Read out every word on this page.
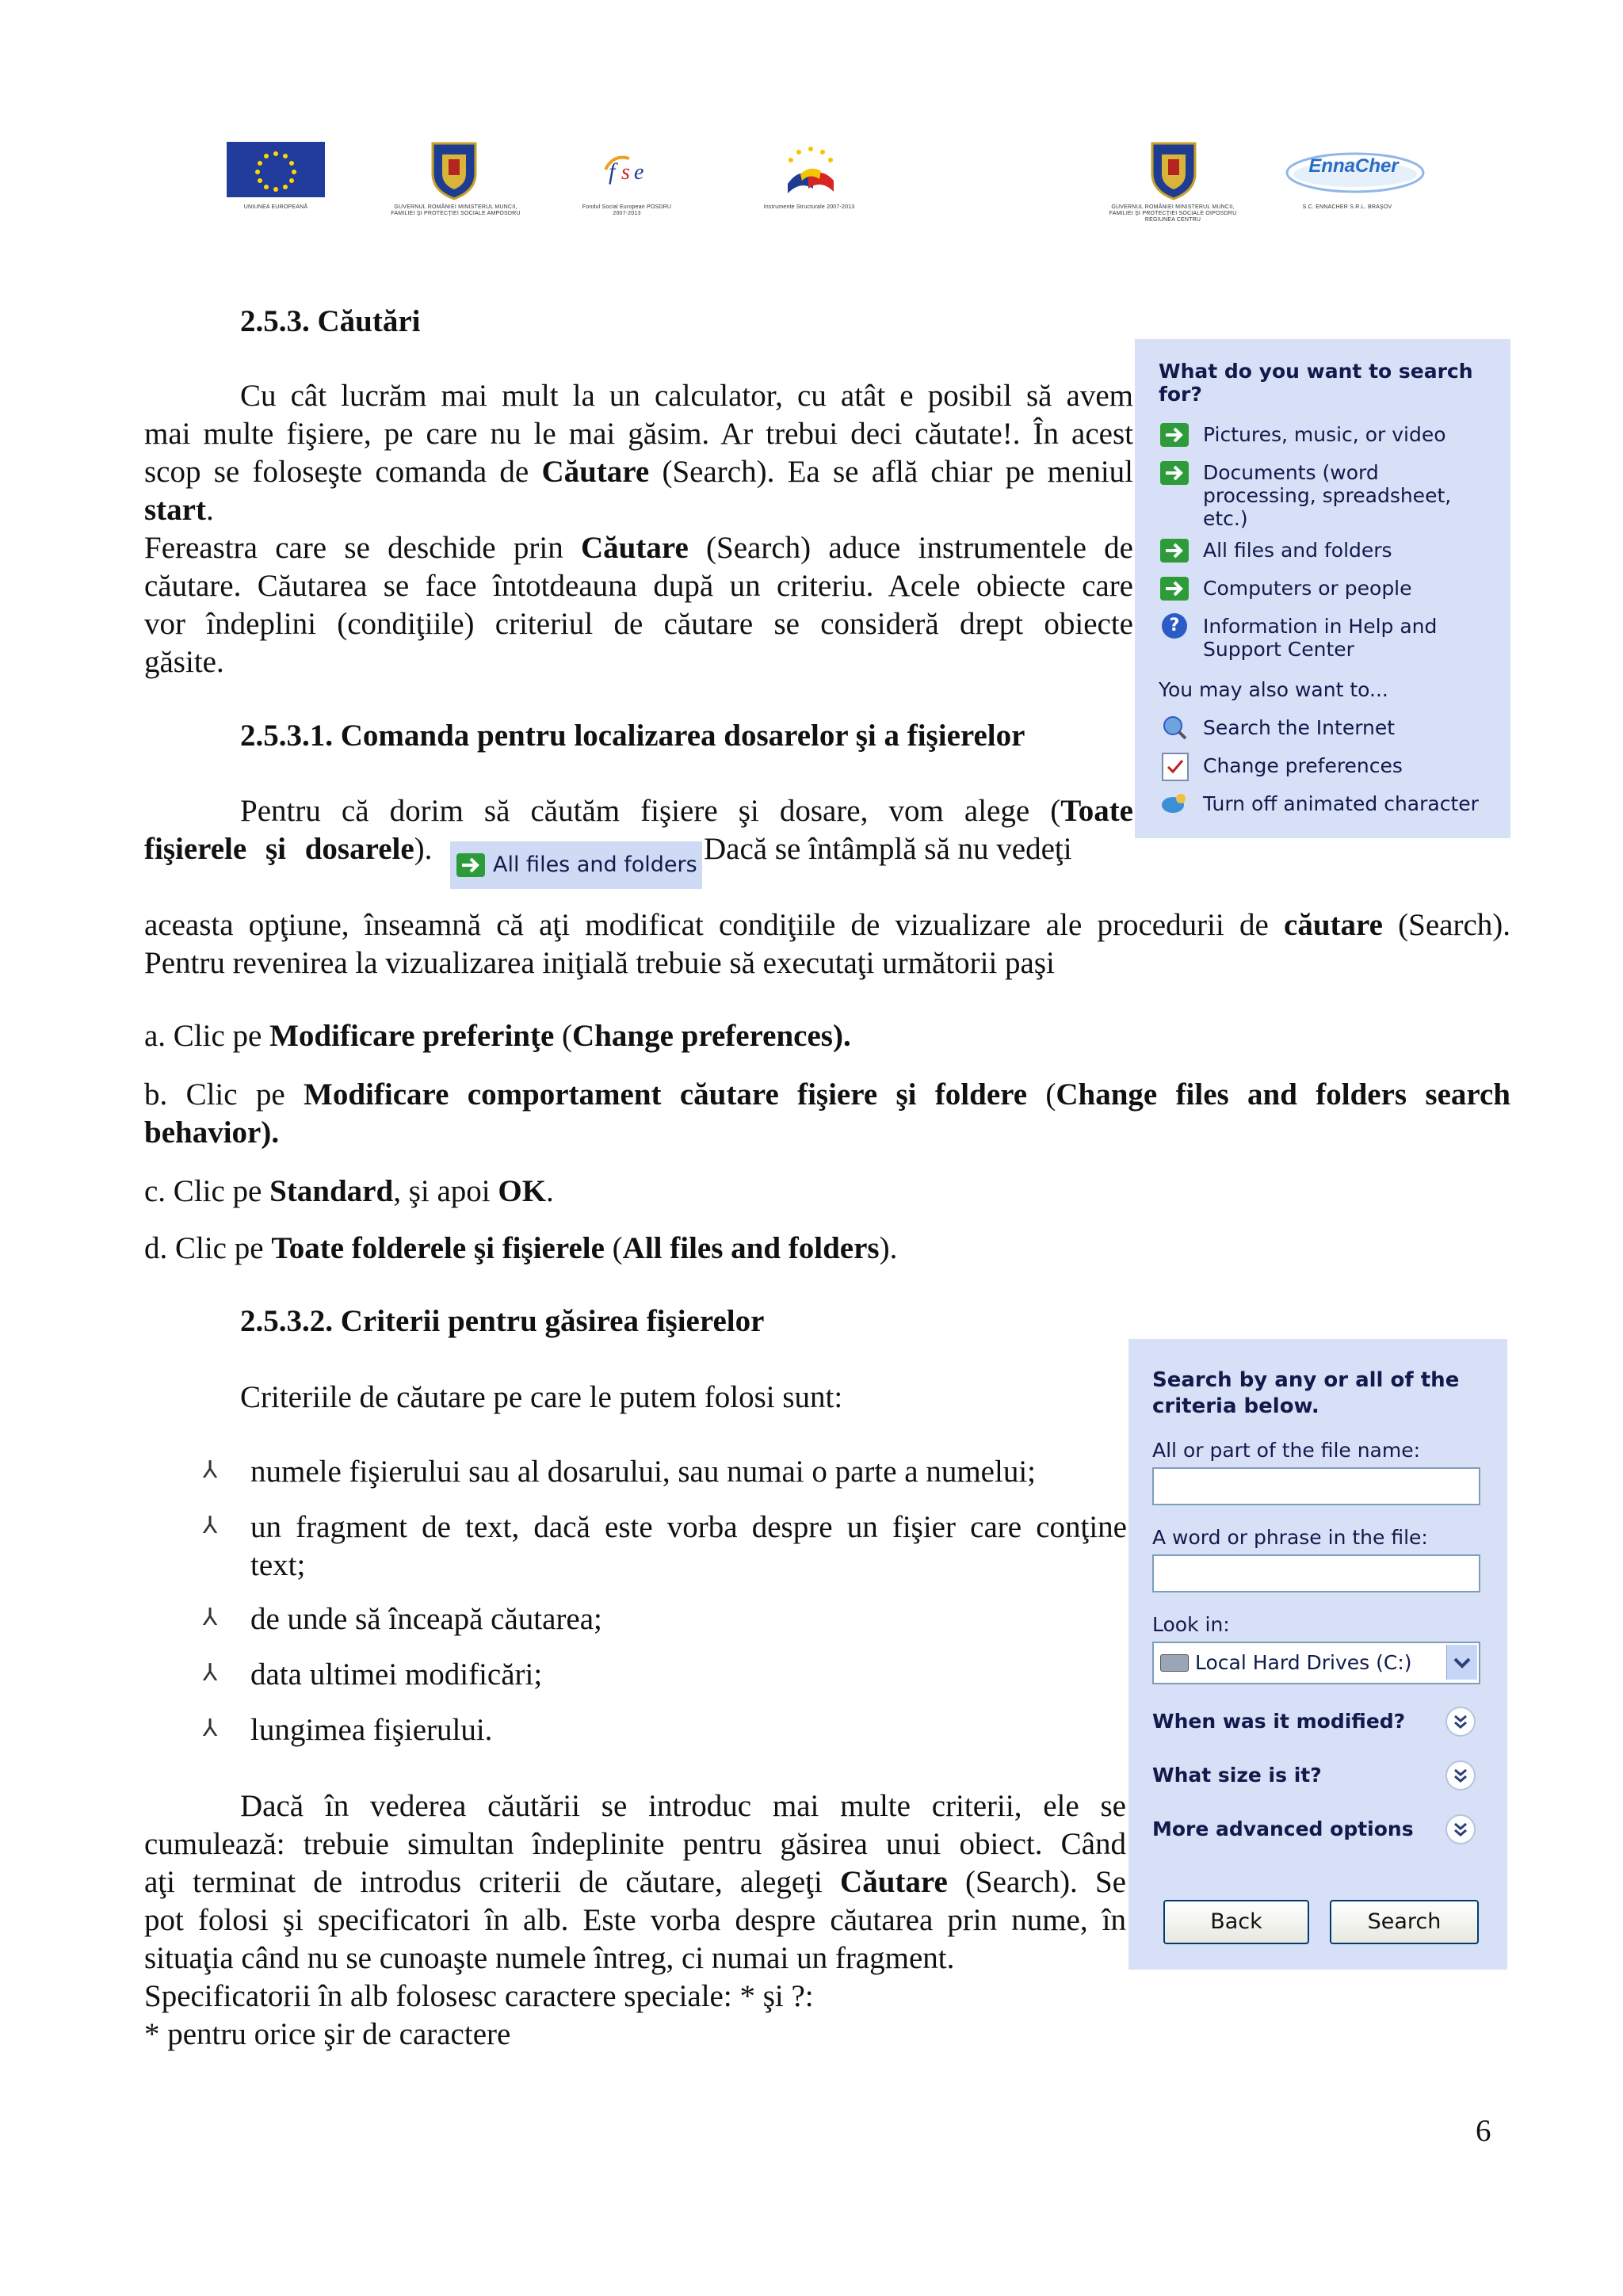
UNIUNEA EUROPEANĂ	GUVERNUL ROMÂNIEI MINISTERUL MUNCII, FAMILIEI ŞI PROTECŢIEI SOCIALE AMPOSDRU
f s e
Fondul Social European POSDRU 2007-2013
Instrumente Structurale 2007-2013	GUVERNUL ROMÂNIEI MINISTERUL MUNCII, FAMILIEI ŞI PROTECŢIEI SOCIALE OIPOSDRU REGIUNEA CENTRU
EnnaCher
S.C. ENNACHER S.R.L. BRAŞOV
2.5.3. Căutări
Cu cât lucrăm mai mult la un calculator, cu atât e posibil să avem
mai multe fişiere, pe care nu le mai găsim. Ar trebui deci căutate!. În acest
scop se foloseşte comanda de Căutare (Search). Ea se află chiar pe meniul
start.
Fereastra care se deschide prin Căutare (Search) aduce instrumentele de
căutare. Căutarea se face întotdeauna după un criteriu. Acele obiecte care
vor îndeplini (condiţiile) criteriul de căutare se consideră drept obiecte
găsite.
2.5.3.1. Comanda pentru localizarea dosarelor şi a fişierelor
Pentru că dorim să căutăm fişiere şi dosare, vom alege (Toate
fişierele şi dosarele).	Dacă se întâmplă să nu vedeţi
All files and folders
aceasta opţiune, înseamnă că aţi modificat condiţiile de vizualizare ale procedurii de căutare (Search).
Pentru revenirea la vizualizarea iniţială trebuie să executaţi următorii paşi
a. Clic pe Modificare preferinţe (Change preferences).
b. Clic pe Modificare comportament căutare fişiere şi foldere (Change files and folders search
behavior).
c. Clic pe Standard, şi apoi OK.
d. Clic pe Toate folderele şi fişierele (All files and folders).
2.5.3.2. Criterii pentru găsirea fişierelor
Criteriile de căutare pe care le putem folosi sunt:
⅄ numele fişierului sau al dosarului, sau numai o parte a numelui;
⅄ un fragment de text, dacă este vorba despre un fişier care conţine
text;
⅄ de unde să înceapă căutarea;
⅄ data ultimei modificări;
⅄ lungimea fişierului.
Dacă în vederea căutării se introduc mai multe criterii, ele se
cumulează: trebuie simultan îndeplinite pentru găsirea unui obiect. Când
aţi terminat de introdus criterii de căutare, alegeţi Căutare (Search). Se
pot folosi şi specificatori în alb. Este vorba despre căutarea prin nume, în
situaţia când nu se cunoaşte numele întreg, ci numai un fragment.
Specificatorii în alb folosesc caractere speciale: * şi ?:
* pentru orice şir de caractere
What do you want to search for?
Pictures, music, or video
Documents (word processing, spreadsheet, etc.)
All files and folders
Computers or people
?	Information in Help and Support Center
You may also want to...
Search the Internet
Change preferences
Turn off animated character
Search by any or all of the criteria below.
All or part of the file name:
A word or phrase in the file:
Look in:
Local Hard Drives (C:)
When was it modified?
What size is it?
More advanced options
Back	Search
6
